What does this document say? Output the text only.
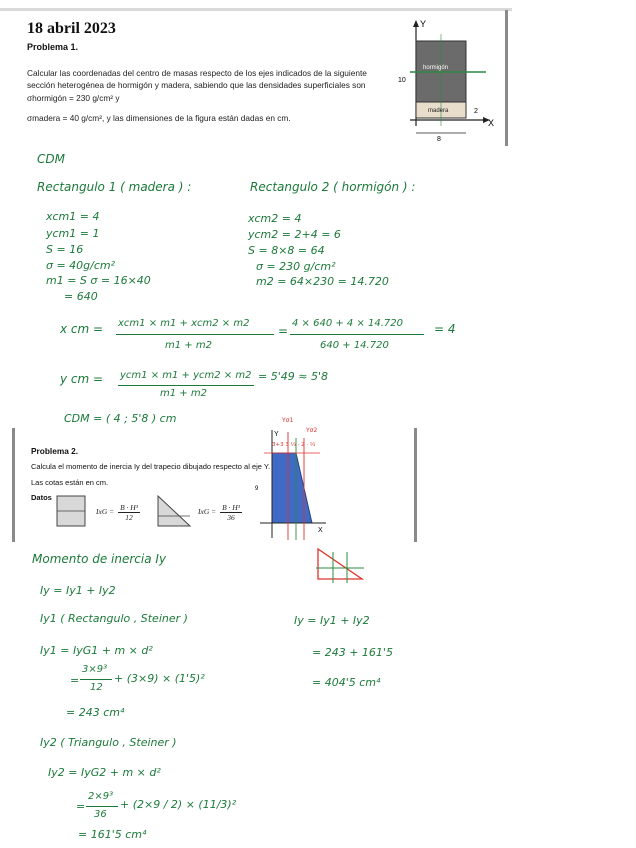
18 abril 2023
Problema 1.
Calcular las coordenadas del centro de masas respecto de los ejes indicados de la siguiente
sección heterogénea de hormigón y madera, sabiendo que las densidades superficiales son
σhormigón = 230 g/cm² y
σmadera = 40 g/cm², y las dimensiones de la figura están dadas en cm.
hormigón
madera
Y
X
10
8
2
CDM
Rectangulo 1 ( madera ) :
xcm1 = 4
ycm1 = 1
S = 16
σ = 40g/cm²
m1 = S σ = 16×40
= 640
Rectangulo 2 ( hormigón ) :
xcm2 = 4
ycm2 = 2+4 = 6
S = 8×8 = 64
σ = 230 g/cm²
m2 = 64×230 = 14.720
x cm = xcm1 × m1 + xcm2 × m2
m1 + m2
=
4 × 640 + 4 × 14.720
640 + 14.720
= 4
y cm = ycm1 × m1 + ycm2 × m2
m1 + m2
= 5'49 ≈ 5'8
CDM = ( 4 ; 5'8 ) cm
Problema 2.
Calcula el momento de inercia Iy del trapecio dibujado respecto al eje Y.
Las cotas están en cm.
Datos
IxG = $\frac{\text{B · H³}}{12}$	IxG = $\frac{\text{B · H³}}{36}$
3+3 3 ⅓ · 2 · ⅔
Yσ1
Yσ2
Y
X
9
Momento de inercia Iy
Iy = Iy1 + Iy2
Iy1 ( Rectangulo , Steiner )
Iy1 = IyG1 + m × d²
=
3×9³
12
+ (3×9) × (1'5)²
= 243 cm⁴
Iy2 ( Triangulo , Steiner )
Iy2 = IyG2 + m × d²
=
2×9³
36
+ (2×9 / 2) × (11/3)²
= 161'5 cm⁴
Iy = Iy1 + Iy2
= 243 + 161'5
= 404'5 cm⁴
